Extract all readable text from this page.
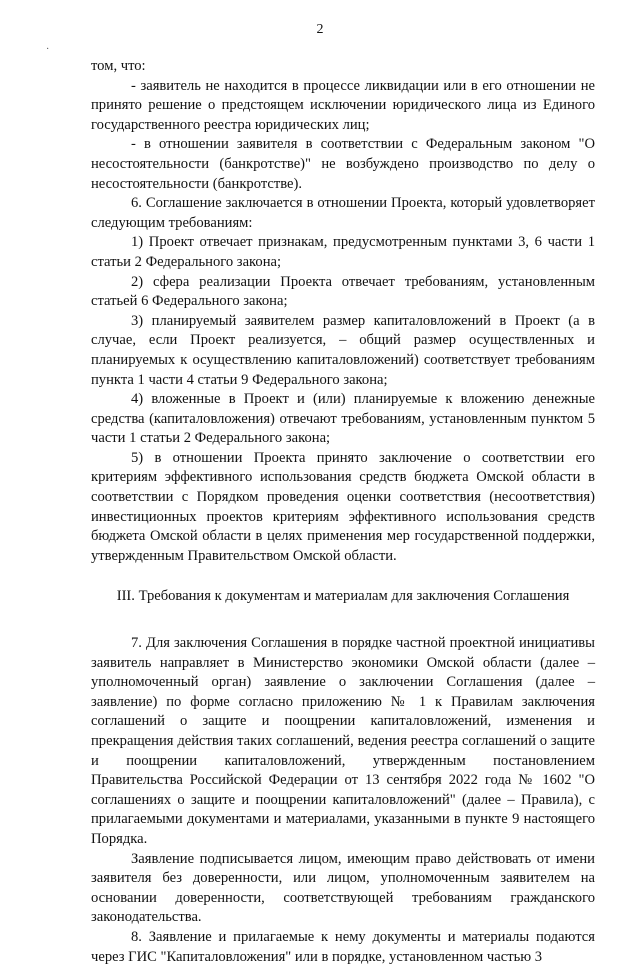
2
·

том, что:

- заявитель не находится в процессе ликвидации или в его отношении не принято решение о предстоящем исключении юридического лица из Единого государственного реестра юридических лиц;

- в отношении заявителя в соответствии с Федеральным законом "О несостоятельности (банкротстве)" не возбуждено производство по делу о несостоятельности (банкротстве).

6. Соглашение заключается в отношении Проекта, который удовлетворяет следующим требованиям:

1) Проект отвечает признакам, предусмотренным пунктами 3, 6 части 1 статьи 2 Федерального закона;

2) сфера реализации Проекта отвечает требованиям, установленным статьей 6 Федерального закона;

3) планируемый заявителем размер капиталовложений в Проект (а в случае, если Проект реализуется, – общий размер осуществленных и планируемых к осуществлению капиталовложений) соответствует требованиям пункта 1 части 4 статьи 9 Федерального закона;

4) вложенные в Проект и (или) планируемые к вложению денежные средства (капиталовложения) отвечают требованиям, установленным пунктом 5 части 1 статьи 2 Федерального закона;

5) в отношении Проекта принято заключение о соответствии его критериям эффективного использования средств бюджета Омской области в соответствии с Порядком проведения оценки соответствия (несоответствия) инвестиционных проектов критериям эффективного использования средств бюджета Омской области в целях применения мер государственной поддержки, утвержденным Правительством Омской области.

III. Требования к документам и материалам для заключения Соглашения

7. Для заключения Соглашения в порядке частной проектной инициативы заявитель направляет в Министерство экономики Омской области (далее – уполномоченный орган) заявление о заключении Соглашения (далее – заявление) по форме согласно приложению № 1 к Правилам заключения соглашений о защите и поощрении капиталовложений, изменения и прекращения действия таких соглашений, ведения реестра соглашений о защите и поощрении капиталовложений, утвержденным постановлением Правительства Российской Федерации от 13 сентября 2022 года № 1602 "О соглашениях о защите и поощрении капиталовложений" (далее – Правила), с прилагаемыми документами и материалами, указанными в пункте 9 настоящего Порядка.

Заявление подписывается лицом, имеющим право действовать от имени заявителя без доверенности, или лицом, уполномоченным заявителем на основании доверенности, соответствующей требованиям гражданского законодательства.

8. Заявление и прилагаемые к нему документы и материалы подаются через ГИС "Капиталовложения" или в порядке, установленном частью 3
